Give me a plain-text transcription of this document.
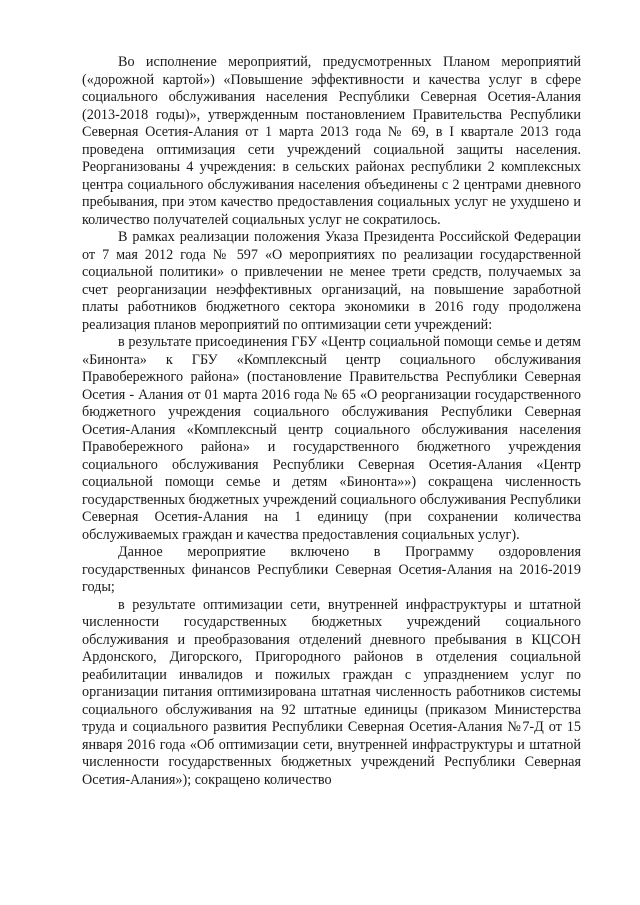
Во исполнение мероприятий, предусмотренных Планом мероприятий («дорожной картой») «Повышение эффективности и качества услуг в сфере социального обслуживания населения Республики Северная Осетия-Алания (2013-2018 годы)», утвержденным постановлением Правительства Республики Северная Осетия-Алания от 1 марта 2013 года № 69, в I квартале 2013 года проведена оптимизация сети учреждений социальной защиты населения. Реорганизованы 4 учреждения: в сельских районах республики 2 комплексных центра социального обслуживания населения объединены с 2 центрами дневного пребывания, при этом качество предоставления социальных услуг не ухудшено и количество получателей социальных услуг не сократилось.

В рамках реализации положения Указа Президента Российской Федерации от 7 мая 2012 года № 597 «О мероприятиях по реализации государственной социальной политики» о привлечении не менее трети средств, получаемых за счет реорганизации неэффективных организаций, на повышение заработной платы работников бюджетного сектора экономики в 2016 году продолжена реализация планов мероприятий по оптимизации сети учреждений:

в результате присоединения ГБУ «Центр социальной помощи семье и детям «Бинонта» к ГБУ «Комплексный центр социального обслуживания Правобережного района» (постановление Правительства Республики Северная Осетия - Алания от 01 марта 2016 года № 65 «О реорганизации государственного бюджетного учреждения социального обслуживания Республики Северная Осетия-Алания «Комплексный центр социального обслуживания населения Правобережного района» и государственного бюджетного учреждения социального обслуживания Республики Северная Осетия-Алания «Центр социальной помощи семье и детям «Бинонта»») сокращена численность государственных бюджетных учреждений социального обслуживания Республики Северная Осетия-Алания на 1 единицу (при сохранении количества обслуживаемых граждан и качества предоставления социальных услуг).

Данное мероприятие включено в Программу оздоровления государственных финансов Республики Северная Осетия-Алания на 2016-2019 годы;

в результате оптимизации сети, внутренней инфраструктуры и штатной численности государственных бюджетных учреждений социального обслуживания и преобразования отделений дневного пребывания в КЦСОН Ардонского, Дигорского, Пригородного районов в отделения социальной реабилитации инвалидов и пожилых граждан с упразднением услуг по организации питания оптимизирована штатная численность работников системы социального обслуживания на 92 штатные единицы (приказом Министерства труда и социального развития Республики Северная Осетия-Алания №7-Д от 15 января 2016 года «Об оптимизации сети, внутренней инфраструктуры и штатной численности государственных бюджетных учреждений Республики Северная Осетия-Алания»); сокращено количество
